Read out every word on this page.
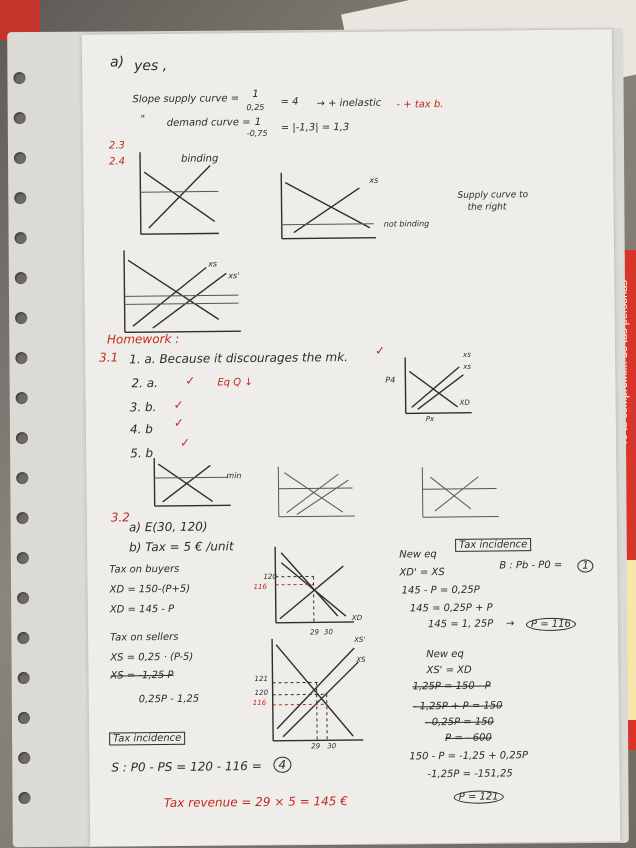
a) yes ,
Slope supply curve = 1
0,25 = 4 → + inelastic - + tax b.
" demand curve = 1
-0,75 = |-1,3| = 1,3
2.3
2.4	binding
xs
not binding
Supply curve to
the right
xs
xs'
Homework :
3.1 1. a. Because it discourages the mk. ✓
2. a. ✓ Eq Q ↓
3. b. ✓
4. b ✓
5. b
✓
xs
xs
P4
XD
Px
min
3.2
a) E(30, 120)
b) Tax = 5 € /unit
Tax on buyers
XD = 150-(P+5)
XD = 145 - P
120
116
29 30
XD
Tax on sellers
XS = 0,25 · (P-5)
XS = -1,25 P
0,25P - 1,25
121
120
116
29 30
XS
XS'
Tax incidence
S : P0 - PS = 120 - 116 =	4
Tax revenue = 29 × 5 = 145 €
New eq
Tax incidence
B : Pb - P0 =	1
XD' = XS
145 - P = 0,25P
145 = 0,25P + P
145 = 1, 25P →	P = 116
New eq
XS' = XD
1,25P = 150 - P
- 1,25P + P = 150
- 0,25P = 150
P = - 600
150 - P = -1,25 + 0,25P
-1,25P = -151,25
P = 121
